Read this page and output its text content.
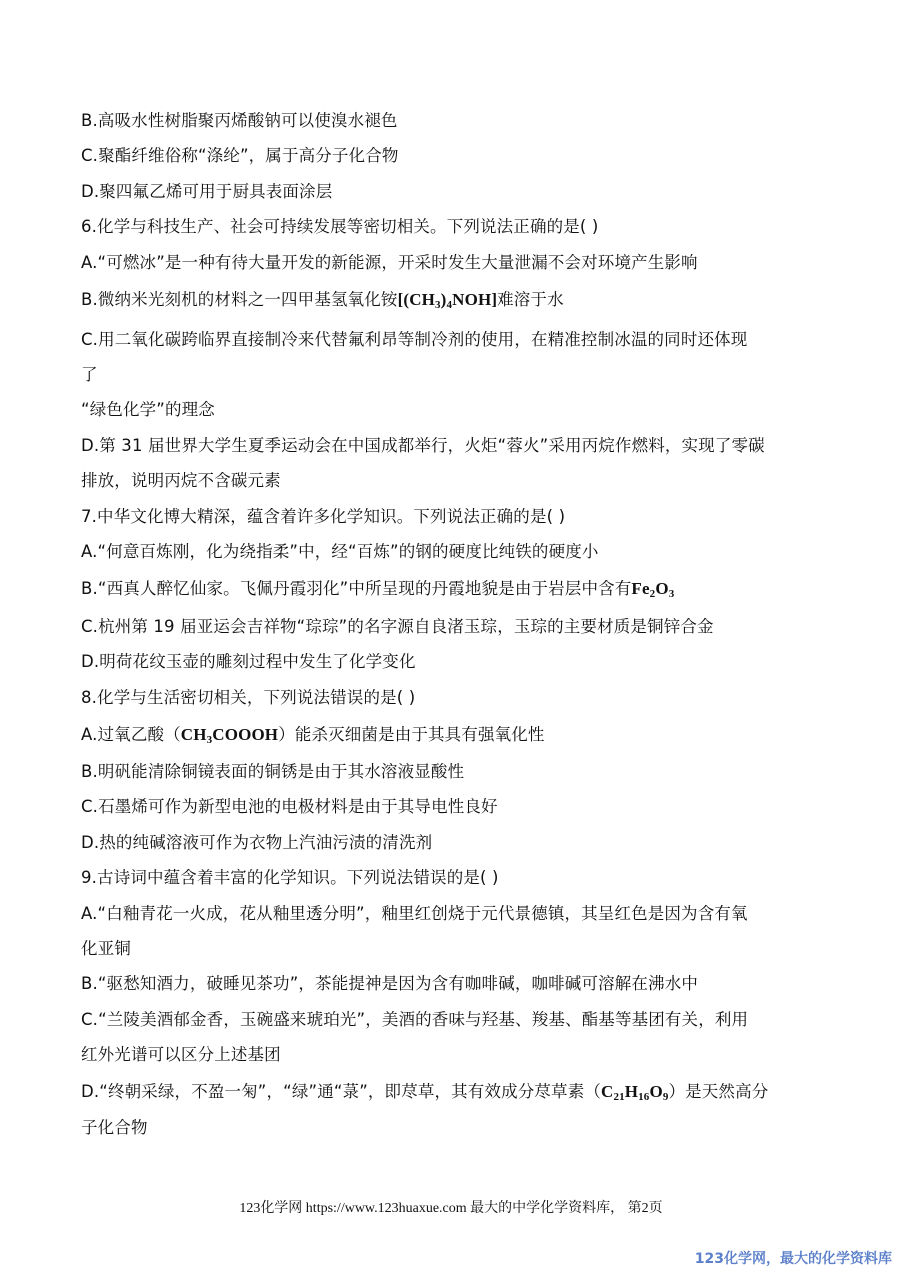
B.高吸水性树脂聚丙烯酸钠可以使溴水褪色
C.聚酯纤维俗称“涤纶”，属于高分子化合物
D.聚四氟乙烯可用于厨具表面涂层
6.化学与科技生产、社会可持续发展等密切相关。下列说法正确的是( )
A.“可燃冰”是一种有待大量开发的新能源，开采时发生大量泄漏不会对环境产生影响
B.微纳米光刻机的材料之一四甲基氢氧化铵$[(CH_3)_4NOH]$难溶于水
C.用二氧化碳跨临界直接制冷来代替氟利昂等制冷剂的使用，在精准控制冰温的同时还体现
了
“绿色化学”的理念
D.第 31 届世界大学生夏季运动会在中国成都举行，火炬“蓉火”采用丙烷作燃料，实现了零碳
排放，说明丙烷不含碳元素
7.中华文化博大精深，蕴含着许多化学知识。下列说法正确的是( )
A.“何意百炼刚，化为绕指柔”中，经“百炼”的钢的硬度比纯铁的硬度小
B.“西真人醉忆仙家。飞佩丹霞羽化”中所呈现的丹霞地貌是由于岩层中含有$Fe_2O_3$
C.杭州第 19 届亚运会吉祥物“琮琮”的名字源自良渚玉琮，玉琮的主要材质是铜锌合金
D.明荷花纹玉壶的雕刻过程中发生了化学变化
8.化学与生活密切相关，下列说法错误的是( )
A.过氧乙酸$(CH_3COOOH)$能杀灭细菌是由于其具有强氧化性
B.明矾能清除铜镜表面的铜锈是由于其水溶液显酸性
C.石墨烯可作为新型电池的电极材料是由于其导电性良好
D.热的纯碱溶液可作为衣物上汽油污渍的清洗剂
9.古诗词中蕴含着丰富的化学知识。下列说法错误的是( )
A.“白釉青花一火成，花从釉里透分明”，釉里红创烧于元代景德镇，其呈红色是因为含有氧
化亚铜
B.“驱愁知酒力，破睡见茶功”，茶能提神是因为含有咖啡碱，咖啡碱可溶解在沸水中
C.“兰陵美酒郁金香，玉碗盛来琥珀光”，美酒的香味与羟基、羧基、酯基等基团有关，利用
红外光谱可以区分上述基团
D.“终朝采绿，不盈一匊”，“绿”通“菉”，即荩草，其有效成分荩草素$(C_{21}H_{16}O_9)$是天然高分
子化合物
123化学网 https://www.123huaxue.com 最大的中学化学资料库， 第2页
123化学网，最大的化学资料库
